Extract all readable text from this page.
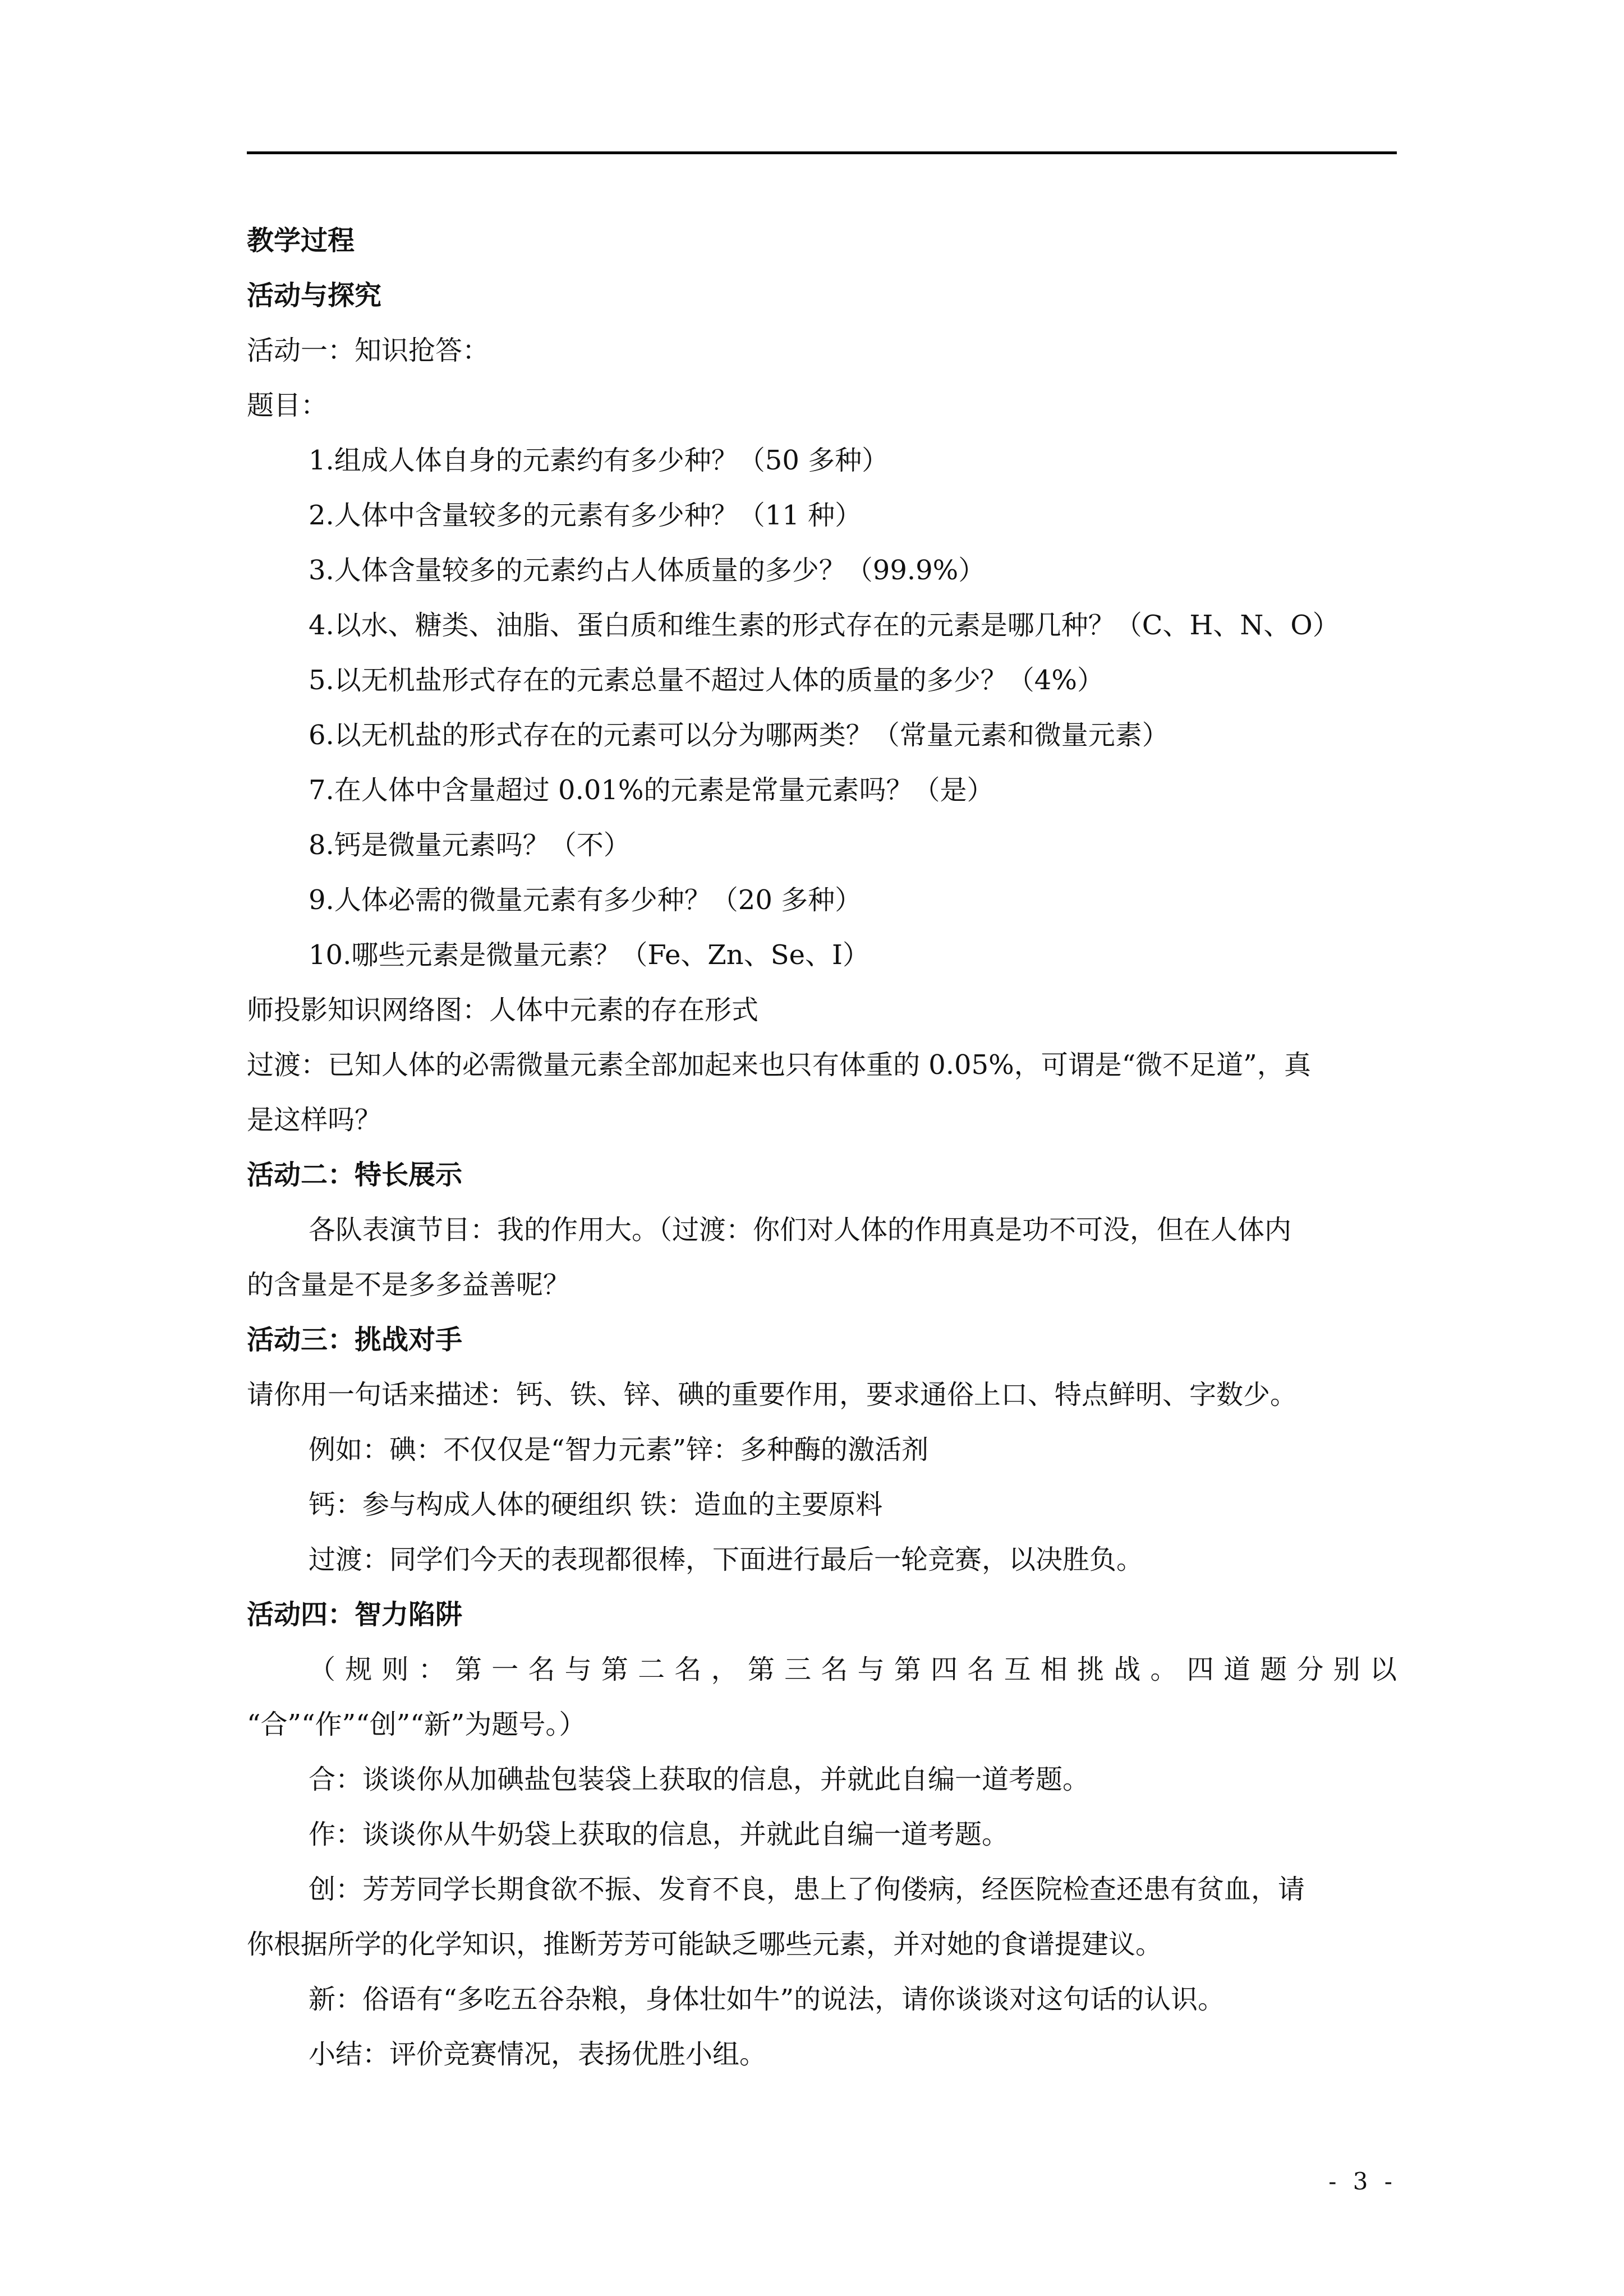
教学过程
活动与探究
活动一：知识抢答：
题目：
1.组成人体自身的元素约有多少种？（50 多种）
2.人体中含量较多的元素有多少种？（11 种）
3.人体含量较多的元素约占人体质量的多少？（99.9%）
4.以水、糖类、油脂、蛋白质和维生素的形式存在的元素是哪几种？（C、H、N、O）
5.以无机盐形式存在的元素总量不超过人体的质量的多少？（4%）
6.以无机盐的形式存在的元素可以分为哪两类？（常量元素和微量元素）
7.在人体中含量超过 0.01%的元素是常量元素吗？（是）
8.钙是微量元素吗？（不）
9.人体必需的微量元素有多少种？（20 多种）
10.哪些元素是微量元素？（Fe、Zn、Se、I）
师投影知识网络图：人体中元素的存在形式
过渡：已知人体的必需微量元素全部加起来也只有体重的 0.05%，可谓是“微不足道”，真
是这样吗？
活动二：特长展示
各队表演节目：我的作用大。（过渡：你们对人体的作用真是功不可没，但在人体内
的含量是不是多多益善呢？
活动三：挑战对手
请你用一句话来描述：钙、铁、锌、碘的重要作用，要求通俗上口、特点鲜明、字数少。
例如：碘：不仅仅是“智力元素”锌：多种酶的激活剂
钙：参与构成人体的硬组织 铁：造血的主要原料
过渡：同学们今天的表现都很棒，下面进行最后一轮竞赛，以决胜负。
活动四：智力陷阱
（规则：第一名与第二名，第三名与第四名互相挑战。四道题分别以
“合”“作”“创”“新”为题号。）
合：谈谈你从加碘盐包装袋上获取的信息，并就此自编一道考题。
作：谈谈你从牛奶袋上获取的信息，并就此自编一道考题。
创：芳芳同学长期食欲不振、发育不良，患上了佝偻病，经医院检查还患有贫血，请
你根据所学的化学知识，推断芳芳可能缺乏哪些元素，并对她的食谱提建议。
新：俗语有“多吃五谷杂粮，身体壮如牛”的说法，请你谈谈对这句话的认识。
小结：评价竞赛情况，表扬优胜小组。
- 3 -
